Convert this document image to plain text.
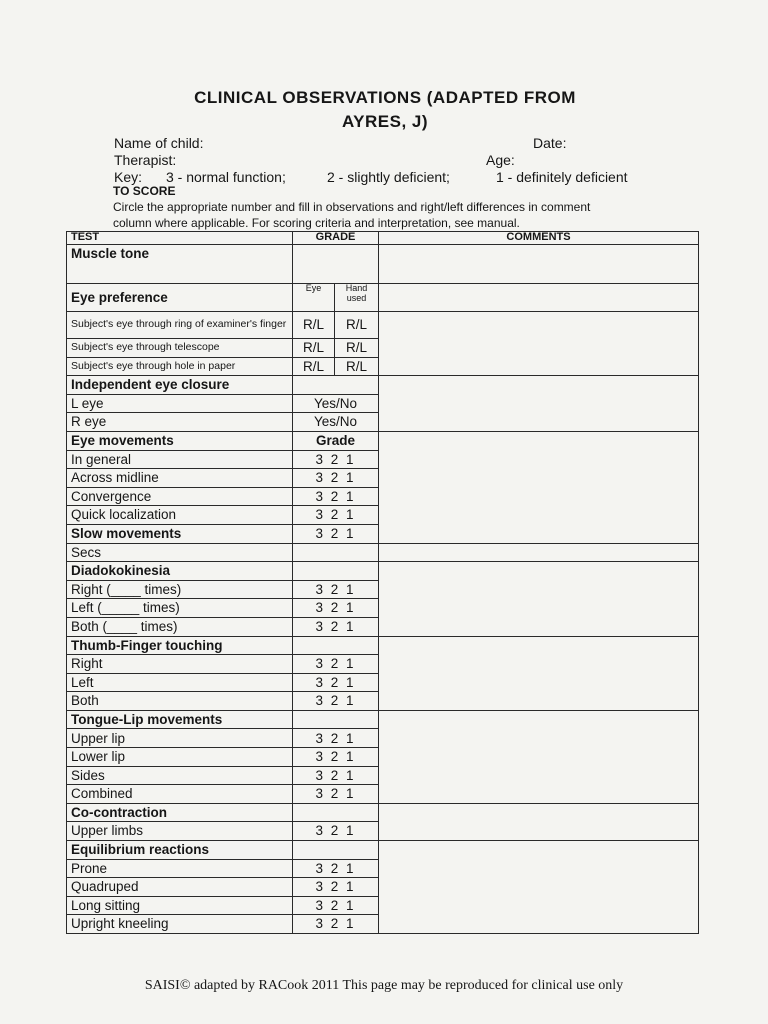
CLINICAL OBSERVATIONS (ADAPTED FROM
AYRES, J)
Name of child:	Date:
Therapist:	Age:
Key: 3 - normal function;	2 - slightly deficient;	1 - definitely deficient
TO SCORE
Circle the appropriate number and fill in observations and right/left differences in comment
column where applicable. For scoring criteria and interpretation, see manual.
TEST	GRADE		COMMENTS
Muscle tone			
Eye preference	Eye	Hand used	
Subject's eye through ring of examiner's finger	R/L	R/L	
Subject's eye through telescope	R/L	R/L	
Subject's eye through hole in paper	R/L	R/L	
Independent eye closure			
L eye	Yes/No		
R eye	Yes/No		
Eye movements	Grade		
In general	3 2 1		
Across midline	3 2 1		
Convergence	3 2 1		
Quick localization	3 2 1		
Slow movements	3 2 1		
Secs			
Diadokokinesia			
Right (____ times)	3 2 1		
Left (_____ times)	3 2 1		
Both (____ times)	3 2 1		
Thumb-Finger touching			
Right	3 2 1		
Left	3 2 1		
Both	3 2 1		
Tongue-Lip movements			
Upper lip	3 2 1		
Lower lip	3 2 1		
Sides	3 2 1		
Combined	3 2 1		
Co-contraction			
Upper limbs	3 2 1		
Equilibrium reactions			
Prone	3 2 1		
Quadruped	3 2 1		
Long sitting	3 2 1		
Upright kneeling	3 2 1		
SAISI© adapted by RACook 2011 This page may be reproduced for clinical use only
